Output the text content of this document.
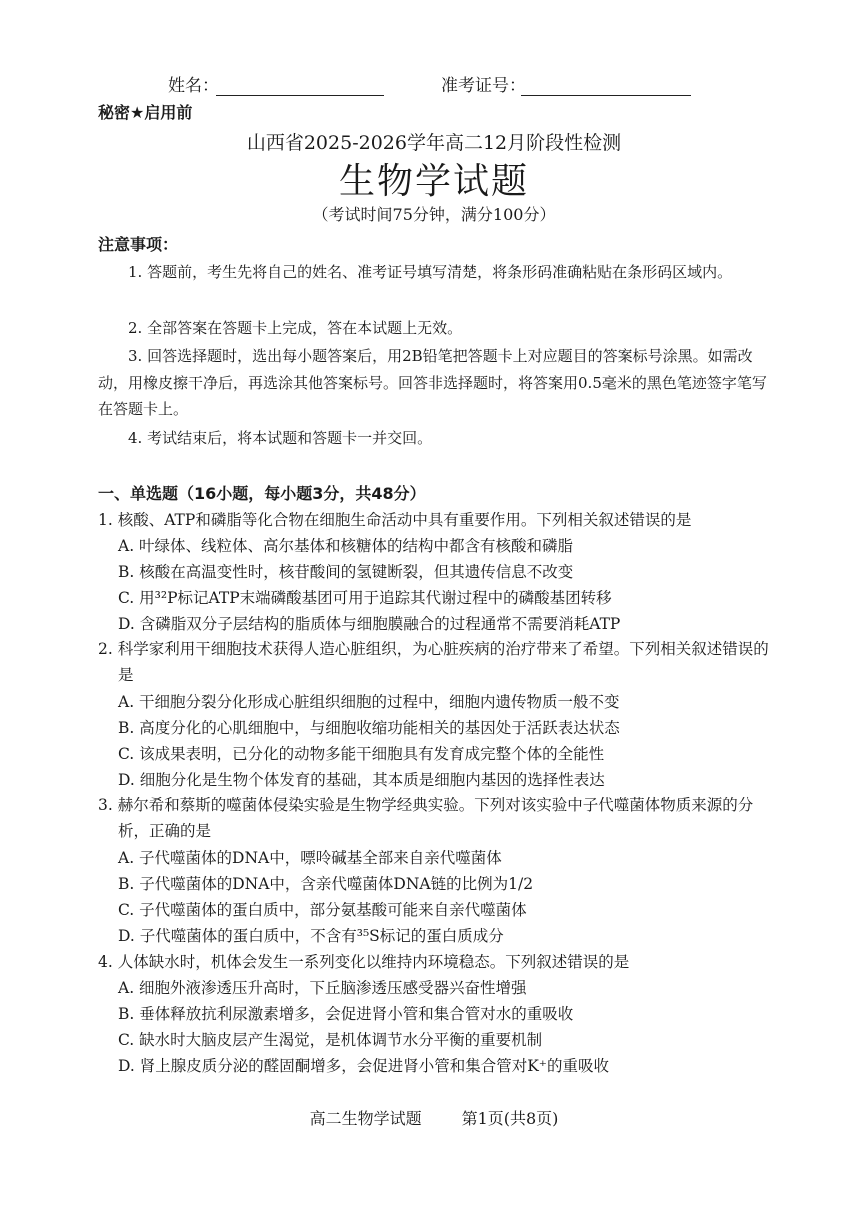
姓名：	准考证号：
秘密★启用前
山西省2025-2026学年高二12月阶段性检测
生物学试题
（考试时间75分钟，满分100分）
注意事项：
1. 答题前，考生先将自己的姓名、准考证号填写清楚，将条形码准确粘贴在条形码区域内。
2. 全部答案在答题卡上完成，答在本试题上无效。
3. 回答选择题时，选出每小题答案后，用2B铅笔把答题卡上对应题目的答案标号涂黑。如需改动，用橡皮擦干净后，再选涂其他答案标号。回答非选择题时，将答案用0.5毫米的黑色笔迹签字笔写在答题卡上。
4. 考试结束后，将本试题和答题卡一并交回。
一、单选题（16小题，每小题3分，共48分）
1. 核酸、ATP和磷脂等化合物在细胞生命活动中具有重要作用。下列相关叙述错误的是
A. 叶绿体、线粒体、高尔基体和核糖体的结构中都含有核酸和磷脂
B. 核酸在高温变性时，核苷酸间的氢键断裂，但其遗传信息不改变
C. 用³²P标记ATP末端磷酸基团可用于追踪其代谢过程中的磷酸基团转移
D. 含磷脂双分子层结构的脂质体与细胞膜融合的过程通常不需要消耗ATP
2. 科学家利用干细胞技术获得人造心脏组织，为心脏疾病的治疗带来了希望。下列相关叙述错误的是
A. 干细胞分裂分化形成心脏组织细胞的过程中，细胞内遗传物质一般不变
B. 高度分化的心肌细胞中，与细胞收缩功能相关的基因处于活跃表达状态
C. 该成果表明，已分化的动物多能干细胞具有发育成完整个体的全能性
D. 细胞分化是生物个体发育的基础，其本质是细胞内基因的选择性表达
3. 赫尔希和蔡斯的噬菌体侵染实验是生物学经典实验。下列对该实验中子代噬菌体物质来源的分析，正确的是
A. 子代噬菌体的DNA中，嘌呤碱基全部来自亲代噬菌体
B. 子代噬菌体的DNA中，含亲代噬菌体DNA链的比例为1/2
C. 子代噬菌体的蛋白质中，部分氨基酸可能来自亲代噬菌体
D. 子代噬菌体的蛋白质中，不含有³⁵S标记的蛋白质成分
4. 人体缺水时，机体会发生一系列变化以维持内环境稳态。下列叙述错误的是
A. 细胞外液渗透压升高时，下丘脑渗透压感受器兴奋性增强
B. 垂体释放抗利尿激素增多，会促进肾小管和集合管对水的重吸收
C. 缺水时大脑皮层产生渴觉，是机体调节水分平衡的重要机制
D. 肾上腺皮质分泌的醛固酮增多，会促进肾小管和集合管对K⁺的重吸收
高二生物学试题	第1页(共8页)
